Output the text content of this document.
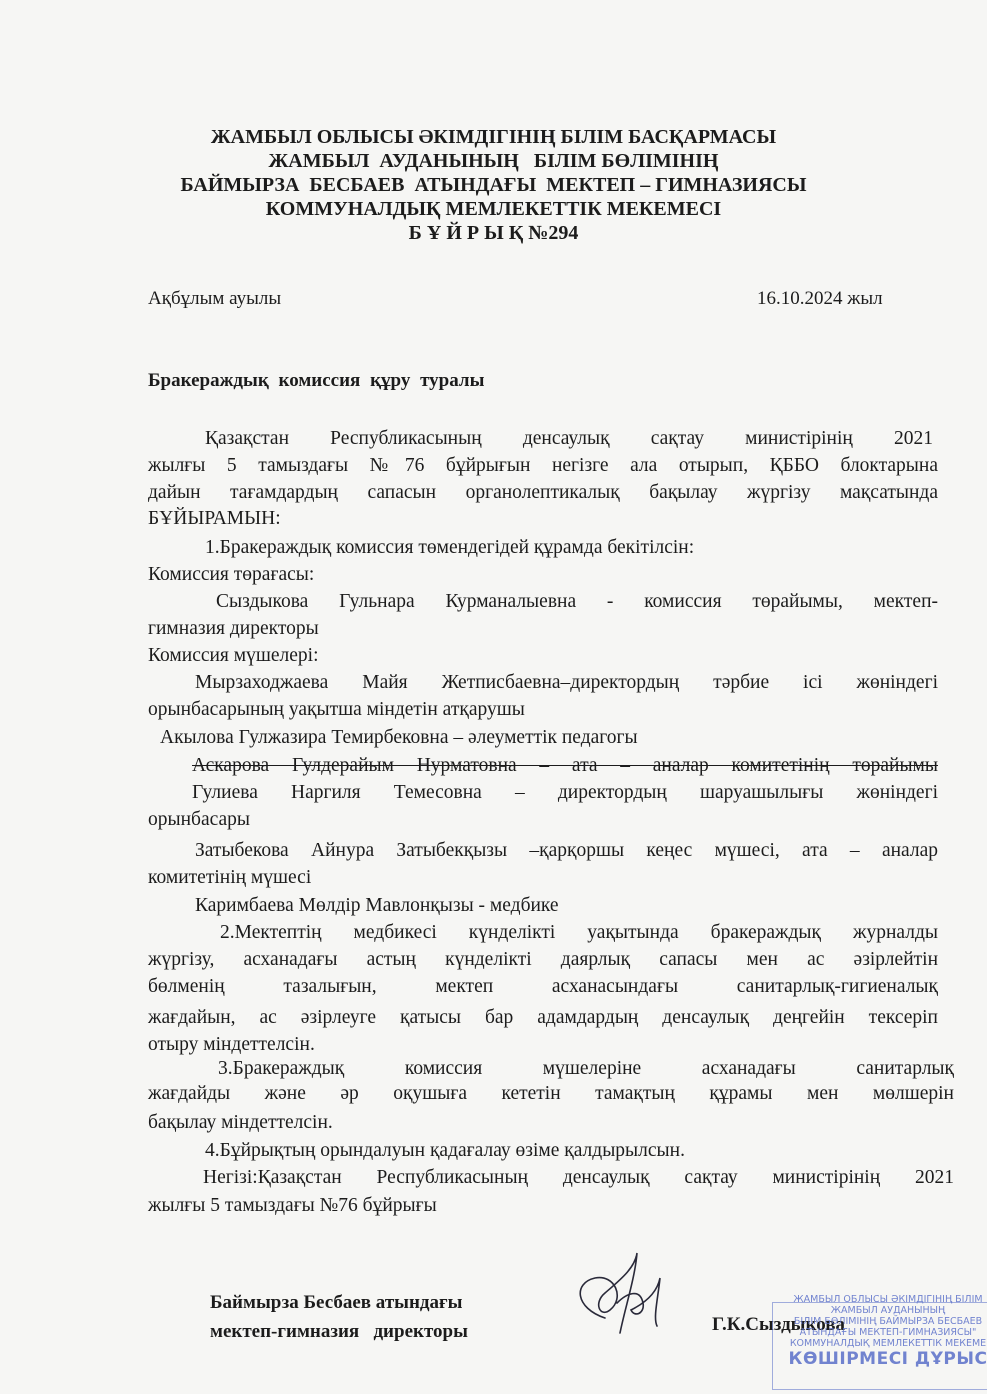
ЖАМБЫЛ ОБЛЫСЫ ӘКІМДІГІНІҢ БІЛІМ БАСҚАРМАСЫ
ЖАМБЫЛ  АУДАНЫНЫҢ   БІЛІМ БӨЛІМІНІҢ
БАЙМЫРЗА  БЕСБАЕВ  АТЫНДАҒЫ  МЕКТЕП – ГИМНАЗИЯСЫ
КОММУНАЛДЫҚ МЕМЛЕКЕТТІК МЕКЕМЕСІ
Б Ұ Й Р Ы Қ №294
Ақбұлым ауылы	16.10.2024 жыл
Бракераждық комиссия құру туралы
Қазақстан Республикасының денсаулық сақтау министірінің 2021
жылғы 5 тамыздағы №76 бұйрығын негізге ала отырып, ҚББО блоктарына
дайын тағамдардың сапасын органолептикалық бақылау жүргізу мақсатында
БҰЙЫРАМЫН:
1.Бракераждық комиссия төмендегідей құрамда бекітілсін:
Комиссия төрағасы:
Сыздыкова Гульнара Курманалыевна - комиссия төрайымы, мектеп-
гимназия директоры
Комиссия мүшелері:
Мырзаходжаева Майя Жетписбаевна–директордың тәрбие ісі жөніндегі
орынбасарының уақытша міндетін атқарушы
Акылова Гулжазира Темирбековна – әлеуметтік педагогы
Аскарова Гулдерайым Нурматовна – ата – аналар комитетінің төрайымы
Гулиева Наргиля Темесовна – директордың шаруашылығы жөніндегі
орынбасары
Затыбекова Айнура Затыбекқызы –қарқоршы кеңес мүшесі, ата – аналар
комитетінің мүшесі
Каримбаева Мөлдір Мавлонқызы - медбике
2.Мектептің медбикесі күнделікті уақытында бракераждық журналды
жүргізу, асханадағы астың күнделікті даярлық сапасы мен ас әзірлейтін
бөлменің тазалығын, мектеп асханасындағы санитарлық-гигиеналық
жағдайын, ас әзірлеуге қатысы бар адамдардың денсаулық деңгейін тексеріп
отыру міндеттелсін.
3.Бракераждық комиссия мүшелеріне асханадағы санитарлық
жағдайды және әр оқушыға кететін тамақтың құрамы мен мөлшерін
бақылау міндеттелсін.
4.Бұйрықтың орындалуын қадағалау өзіме қалдырылсын.
Негізі:Қазақстан Республикасының денсаулық сақтау министірінің 2021
жылғы 5 тамыздағы №76 бұйрығы
Баймырза Бесбаев атындағы
мектеп-гимназия   директоры	Г.К.Сыздыкова
ЖАМБЫЛ ОБЛЫСЫ ӘКІМДІГІНІҢ БІЛІМ
ЖАМБЫЛ АУДАНЫНЫҢ
БІЛІМ БӨЛІМІНІҢ БАЙМЫРЗА БЕСБАЕВ
АТЫНДАҒЫ МЕКТЕП-ГИМНАЗИЯСЫ"
КОММУНАЛДЫҚ МЕМЛЕКЕТТІК МЕКЕМЕ
КӨШІРМЕСІ ДҰРЫС
